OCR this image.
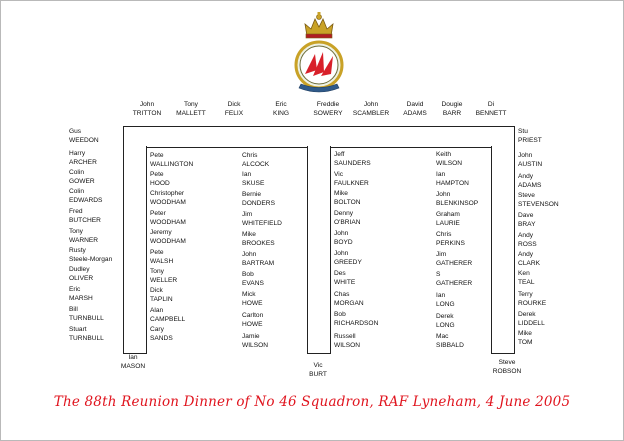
John
TRITTON
Tony
MALLETT
Dick
FELIX
Eric
KING
Freddie
SOWERY
John
SCAMBLER
David
ADAMS
Dougie
BARR
Di
BENNETT
Gus
WEEDON
Stu
PRIEST
Harry
ARCHER
Colin
GOWER
Colin
EDWARDS
Fred
BUTCHER
Tony
WARNER
Rusty
Steele-Morgan
Dudley
OLIVER
Eric
MARSH
Bill
TURNBULL
Stuart
TURNBULL
Pete
WALLINGTON
Pete
HOOD
Christopher
WOODHAM
Peter
WOODHAM
Jeremy
WOODHAM
Pete
WALSH
Tony
WELLER
Dick
TAPLIN
Alan
CAMPBELL
Cary
SANDS
Chris
ALCOCK
Ian
SKUSE
Bernie
DONDERS
Jim
WHITEFIELD
Mike
BROOKES
John
BARTRAM
Bob
EVANS
Mick
HOWE
Carlton
HOWE
Jamie
WILSON
Jeff
SAUNDERS
Vic
FAULKNER
Mike
BOLTON
Denny
O'BRIAN
John
BOYD
John
GREEDY
Des
WHITE
Chas
MORGAN
Bob
RICHARDSON
Russell
WILSON
Keith
WILSON
Ian
HAMPTON
John
BLENKINSOP
Graham
LAURIE
Chris
PERKINS
Jim
GATHERER
S
GATHERER
Ian
LONG
Derek
LONG
Mac
SIBBALD
John
AUSTIN
Andy
ADAMS
Steve
STEVENSON
Dave
BRAY
Andy
ROSS
Andy
CLARK
Ken
TEAL
Terry
ROURKE
Derek
LIDDELL
Mike
TOM
Ian
MASON	Vic
BURT
Steve
ROBSON
The 88th Reunion Dinner of No 46 Squadron, RAF Lyneham, 4 June 2005
